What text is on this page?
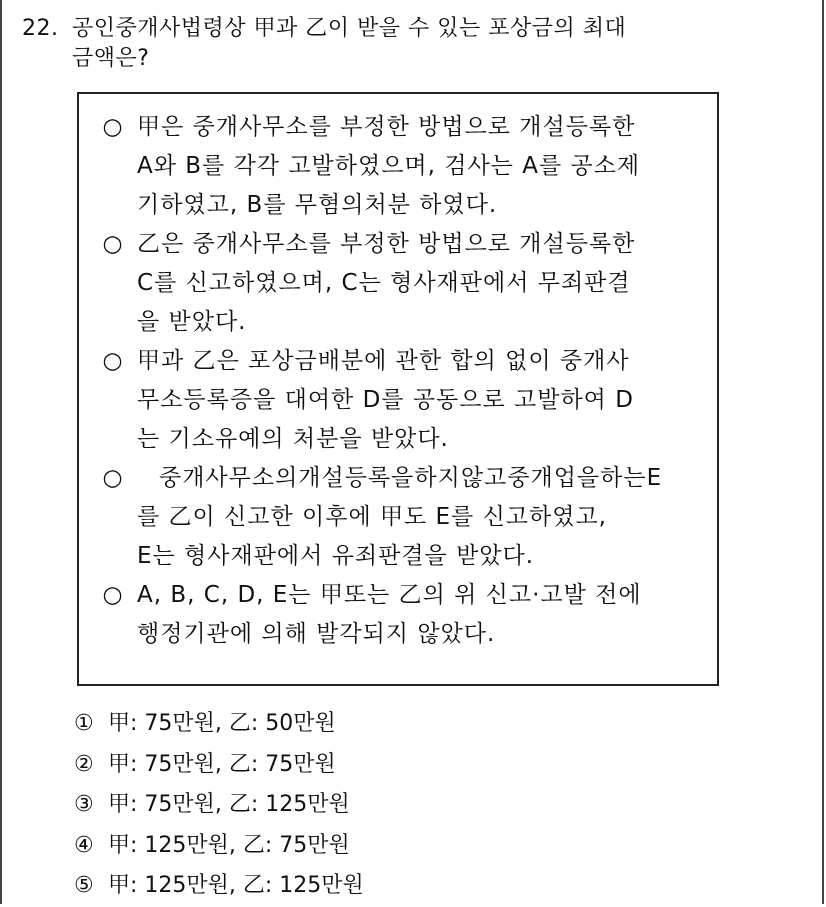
22. 공인중개사법령상 甲과 乙이 받을 수 있는 포상금의 최대
금액은?
○ 甲은 중개사무소를 부정한 방법으로 개설등록한
A와 B를 각각 고발하였으며, 검사는 A를 공소제
기하였고, B를 무혐의처분 하였다.
○ 乙은 중개사무소를 부정한 방법으로 개설등록한
C를 신고하였으며, C는 형사재판에서 무죄판결
을 받았다.
○ 甲과 乙은 포상금배분에 관한 합의 없이 중개사
무소등록증을 대여한 D를 공동으로 고발하여 D
는 기소유예의 처분을 받았다.
○	중개사무소의개설등록을하지않고중개업을하는E
를 乙이 신고한 이후에 甲도 E를 신고하였고,
E는 형사재판에서 유죄판결을 받았다.
○ A, B, C, D, E는 甲또는 乙의 위 신고·고발 전에
행정기관에 의해 발각되지 않았다.
① 甲: 75만원, 乙: 50만원
② 甲: 75만원, 乙: 75만원
③ 甲: 75만원, 乙: 125만원
④ 甲: 125만원, 乙: 75만원
⑤ 甲: 125만원, 乙: 125만원
